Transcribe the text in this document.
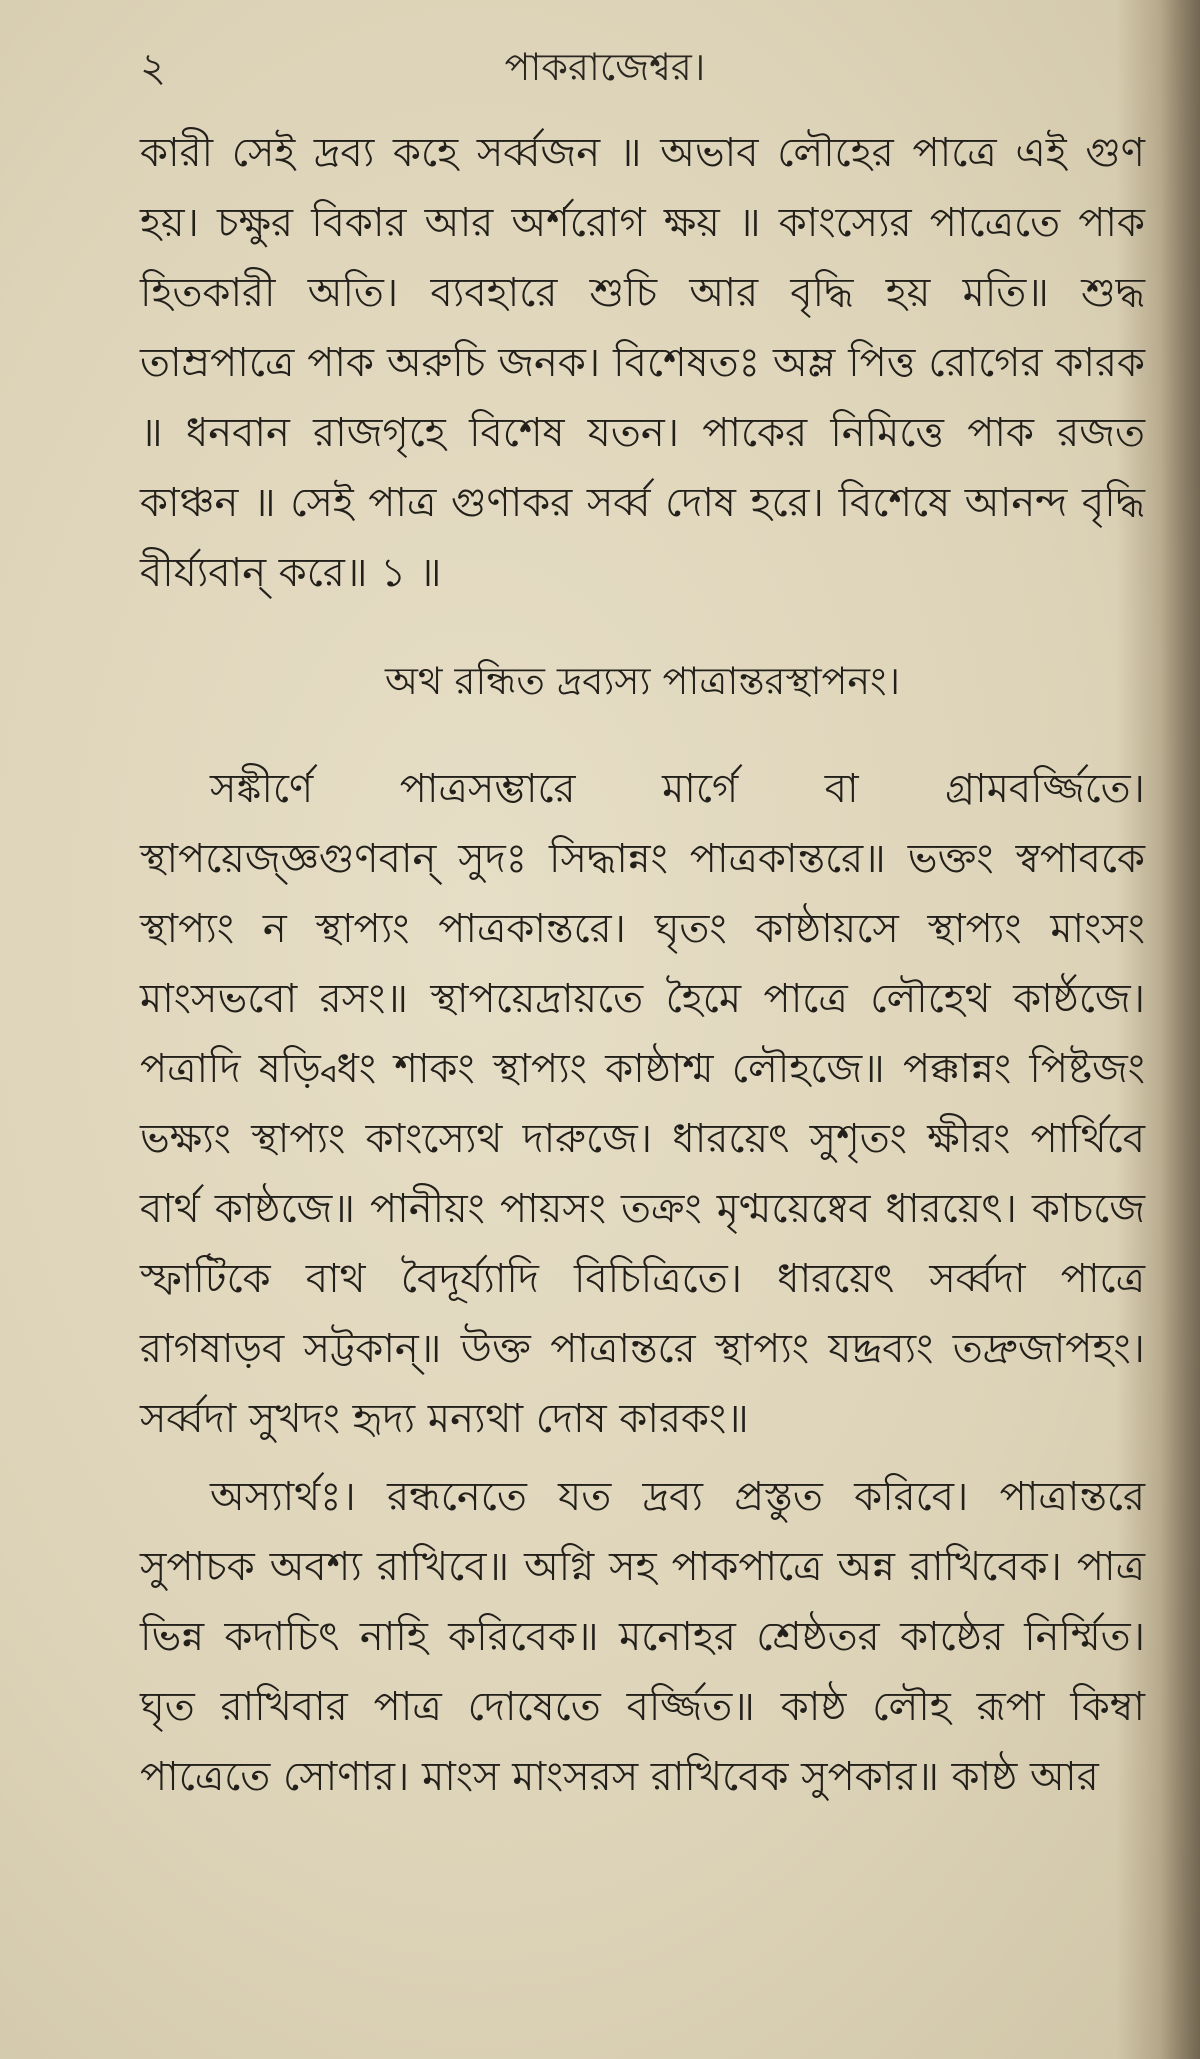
২	পাকরাজেশ্বর।

কারী সেই দ্রব্য কহে সর্ব্বজন ॥ অভাব লৌহের পাত্রে এই গুণ হয়। চক্ষুর বিকার আর অর্শরোগ ক্ষয় ॥ কাংস্যের পাত্রেতে পাক হিতকারী অতি। ব্যবহারে শুচি আর বৃদ্ধি হয় মতি॥ শুদ্ধ তাম্রপাত্রে পাক অরুচি জনক। বিশেষতঃ অম্ল পিত্ত রোগের কারক ॥ ধনবান রাজগৃহে বিশেষ যতন। পাকের নিমিত্তে পাক রজত কাঞ্চন ॥ সেই পাত্র গুণাকর সর্ব্ব দোষ হরে। বিশেষে আনন্দ বৃদ্ধি বীর্য্যবান্ করে॥ ১ ॥

অথ রন্ধিত দ্রব্যস্য পাত্রান্তরস্থাপনং।

সঙ্কীর্ণে পাত্রসম্ভারে মার্গে বা গ্রামবর্জ্জিতে। স্থাপয়েজ্জ্ঞগুণবান্ সুদঃ সিদ্ধান্নং পাত্রকান্তরে॥ ভক্তং স্বপাবকে স্থাপ্যং ন স্থাপ্যং পাত্রকান্তরে। ঘৃতং কাষ্ঠায়সে স্থাপ্যং মাংসং মাংসভবো রসং॥ স্থাপয়েদ্রায়তে হৈমে পাত্রে লৌহেথ কার্ষ্ঠজে। পত্রাদি ষড়্বিধং শাকং স্থাপ্যং কাষ্ঠাশ্ম লৌহজে॥ পক্কান্নং পিষ্টজং ভক্ষ্যং স্থাপ্যং কাংস্যেথ দারুজে। ধারয়েৎ সুশৃতং ক্ষীরং পার্থিবে বার্থ কাষ্ঠজে॥ পানীয়ং পায়সং তক্রং মৃণ্ময়েষ্বেব ধারয়েৎ। কাচজে স্ফাটিকে বাথ বৈদূর্য্যাদি বিচিত্রিতে। ধারয়েৎ সর্ব্বদা পাত্রে রাগষাড়ব সট্টকান্॥ উক্ত পাত্রান্তরে স্থাপ্যং যদ্দ্রব্যং তদ্রুজাপহং। সর্ব্বদা সুখদং হৃদ্য মন্যথা দোষ কারকং॥

অস্যার্থঃ। রন্ধনেতে যত দ্রব্য প্রস্তুত করিবে। পাত্রান্তরে সুপাচক অবশ্য রাখিবে॥ অগ্নি সহ পাকপাত্রে অন্ন রাখিবেক। পাত্র ভিন্ন কদাচিৎ নাহি করিবেক॥ মনোহর শ্রেষ্ঠতর কাষ্ঠের নির্ম্মিত। ঘৃত রাখিবার পাত্র দোষেতে বর্জ্জিত॥ কাষ্ঠ লৌহ রূপা কিম্বা পাত্রেতে সোণার। মাংস মাংসরস রাখিবেক সুপকার॥ কাষ্ঠ আর
